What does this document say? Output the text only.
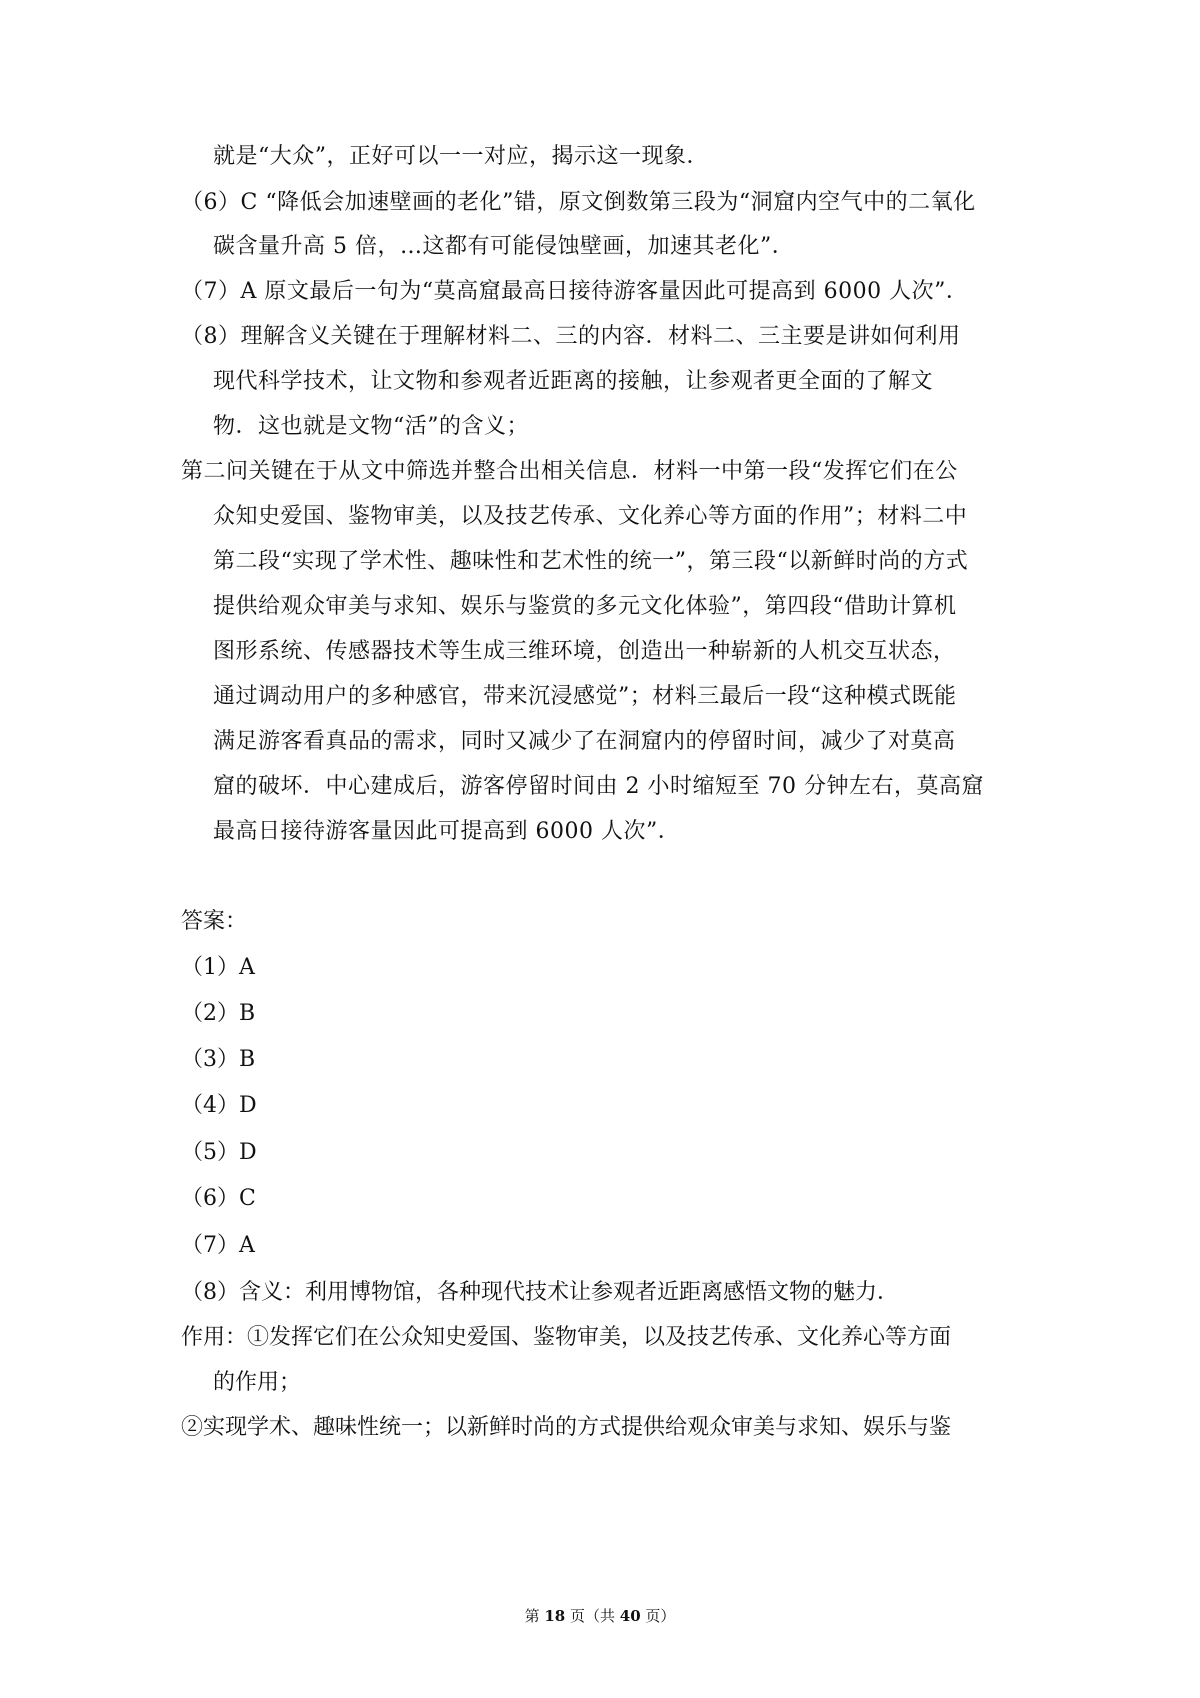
就是“大众”，正好可以一一对应，揭示这一现象．
（6）C “降低会加速壁画的老化”错，原文倒数第三段为“洞窟内空气中的二氧化
碳含量升高 5 倍，…这都有可能侵蚀壁画，加速其老化”．
（7）A 原文最后一句为“莫高窟最高日接待游客量因此可提高到 6000 人次”．
（8）理解含义关键在于理解材料二、三的内容．材料二、三主要是讲如何利用
现代科学技术，让文物和参观者近距离的接触，让参观者更全面的了解文
物．这也就是文物“活”的含义；
第二问关键在于从文中筛选并整合出相关信息．材料一中第一段“发挥它们在公
众知史爱国、鉴物审美，以及技艺传承、文化养心等方面的作用”；材料二中
第二段“实现了学术性、趣味性和艺术性的统一”，第三段“以新鲜时尚的方式
提供给观众审美与求知、娱乐与鉴赏的多元文化体验”，第四段“借助计算机
图形系统、传感器技术等生成三维环境，创造出一种崭新的人机交互状态，
通过调动用户的多种感官，带来沉浸感觉”；材料三最后一段“这种模式既能
满足游客看真品的需求，同时又减少了在洞窟内的停留时间，减少了对莫高
窟的破坏．中心建成后，游客停留时间由 2 小时缩短至 70 分钟左右，莫高窟
最高日接待游客量因此可提高到 6000 人次”．
答案：
（1）A
（2）B
（3）B
（4）D
（5）D
（6）C
（7）A
（8）含义：利用博物馆，各种现代技术让参观者近距离感悟文物的魅力．
作用：①发挥它们在公众知史爱国、鉴物审美，以及技艺传承、文化养心等方面
的作用；
②实现学术、趣味性统一；以新鲜时尚的方式提供给观众审美与求知、娱乐与鉴
第 18 页（共 40 页）
